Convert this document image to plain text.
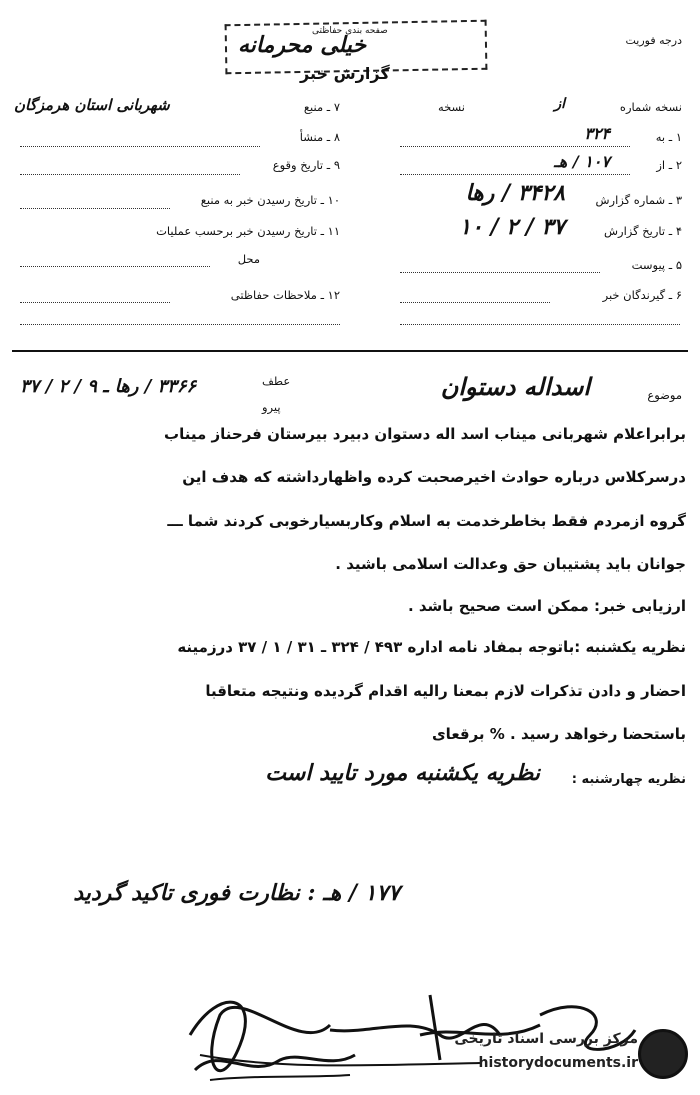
درجه فوریت
صفحه بندی حفاظتی
خیلی محرمانه
گزارش خبر
نسخه شماره
از
نسخه
۱ ـ به
۳۲۴
۲ ـ از
۱۰۷ / هـ
۳ ـ شماره گزارش
۳۴۲۸ / رها
۴ ـ تاریخ گزارش
۳۷ / ۲ / ۱۰
۵ ـ پیوست
۶ ـ گیرندگان خبر
۷ ـ منبع
شهربانی استان هرمزگان
۸ ـ منشأ
۹ ـ تاریخ وقوع
۱۰ ـ تاریخ رسیدن خبر به منبع
۱۱ ـ تاریخ رسیدن خبر برحسب عملیات
محل
۱۲ ـ ملاحظات حفاظتی
موضوع
اسداله دستوان
عطف
پیرو
۳۳۶۶ / رها ـ ۹ / ۲ / ۳۷
برابراعلام شهربانی میناب اسد اله دستوان دبیرد بیرستان فرحناز میناب
درسرکلاس درباره حوادث اخیرصحبت کرده واظهارداشته که هدف این
گروه ازمردم فقط بخاطرخدمت به اسلام وکاربسیارخوبی کردند شما ـــ
جوانان باید پشتیبان حق وعدالت اسلامی باشید .
ارزیابی خبر: ممکن است صحیح باشد .
نظریه یکشنبه :باتوجه بمفاد نامه اداره ۴۹۳ / ۳۲۴ ـ ۳۱ / ۱ / ۳۷ درزمینه
احضار و دادن تذکرات لازم بمعنا رالیه اقدام گردیده ونتیجه متعاقبا
باستحضا رخواهد رسید . % برقعای
نظریه چهارشنبه :
نظریه یکشنبه مورد تایید است
۱۷۷ / هـ : نظارت فوری تاکید گردید
مرکز بررسی اسناد تاریخی
historydocuments.ir
